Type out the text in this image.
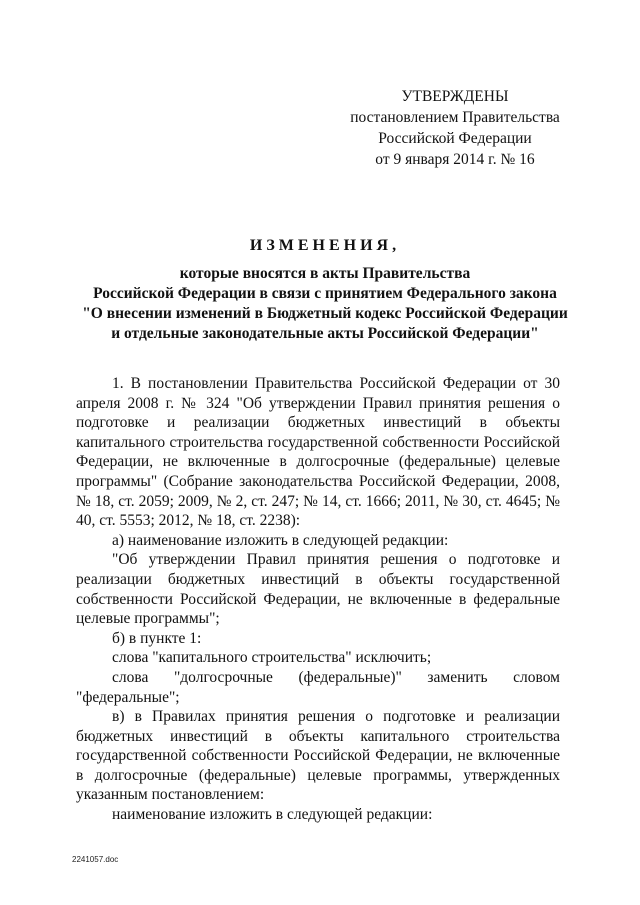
УТВЕРЖДЕНЫ
постановлением Правительства
Российской Федерации
от 9 января 2014 г. № 16
ИЗМЕНЕНИЯ,
которые вносятся в акты Правительства
Российской Федерации в связи с принятием Федерального закона
"О внесении изменений в Бюджетный кодекс Российской Федерации
и отдельные законодательные акты Российской Федерации"

1. В постановлении Правительства Российской Федерации от 30 апреля 2008 г. № 324 "Об утверждении Правил принятия решения о подготовке и реализации бюджетных инвестиций в объекты капитального строительства государственной собственности Российской Федерации, не включенные в долгосрочные (федеральные) целевые программы" (Собрание законодательства Российской Федерации, 2008, № 18, ст. 2059; 2009, № 2, ст. 247; № 14, ст. 1666; 2011, № 30, ст. 4645; № 40, ст. 5553; 2012, № 18, ст. 2238):

а) наименование изложить в следующей редакции:

"Об утверждении Правил принятия решения о подготовке и реализации бюджетных инвестиций в объекты государственной собственности Российской Федерации, не включенные в федеральные целевые программы";

б) в пункте 1:

слова "капитального строительства" исключить;

слова "долгосрочные (федеральные)" заменить словом "федеральные";

в) в Правилах принятия решения о подготовке и реализации бюджетных инвестиций в объекты капитального строительства государственной собственности Российской Федерации, не включенные в долгосрочные (федеральные) целевые программы, утвержденных указанным постановлением:

наименование изложить в следующей редакции:

2241057.doc
